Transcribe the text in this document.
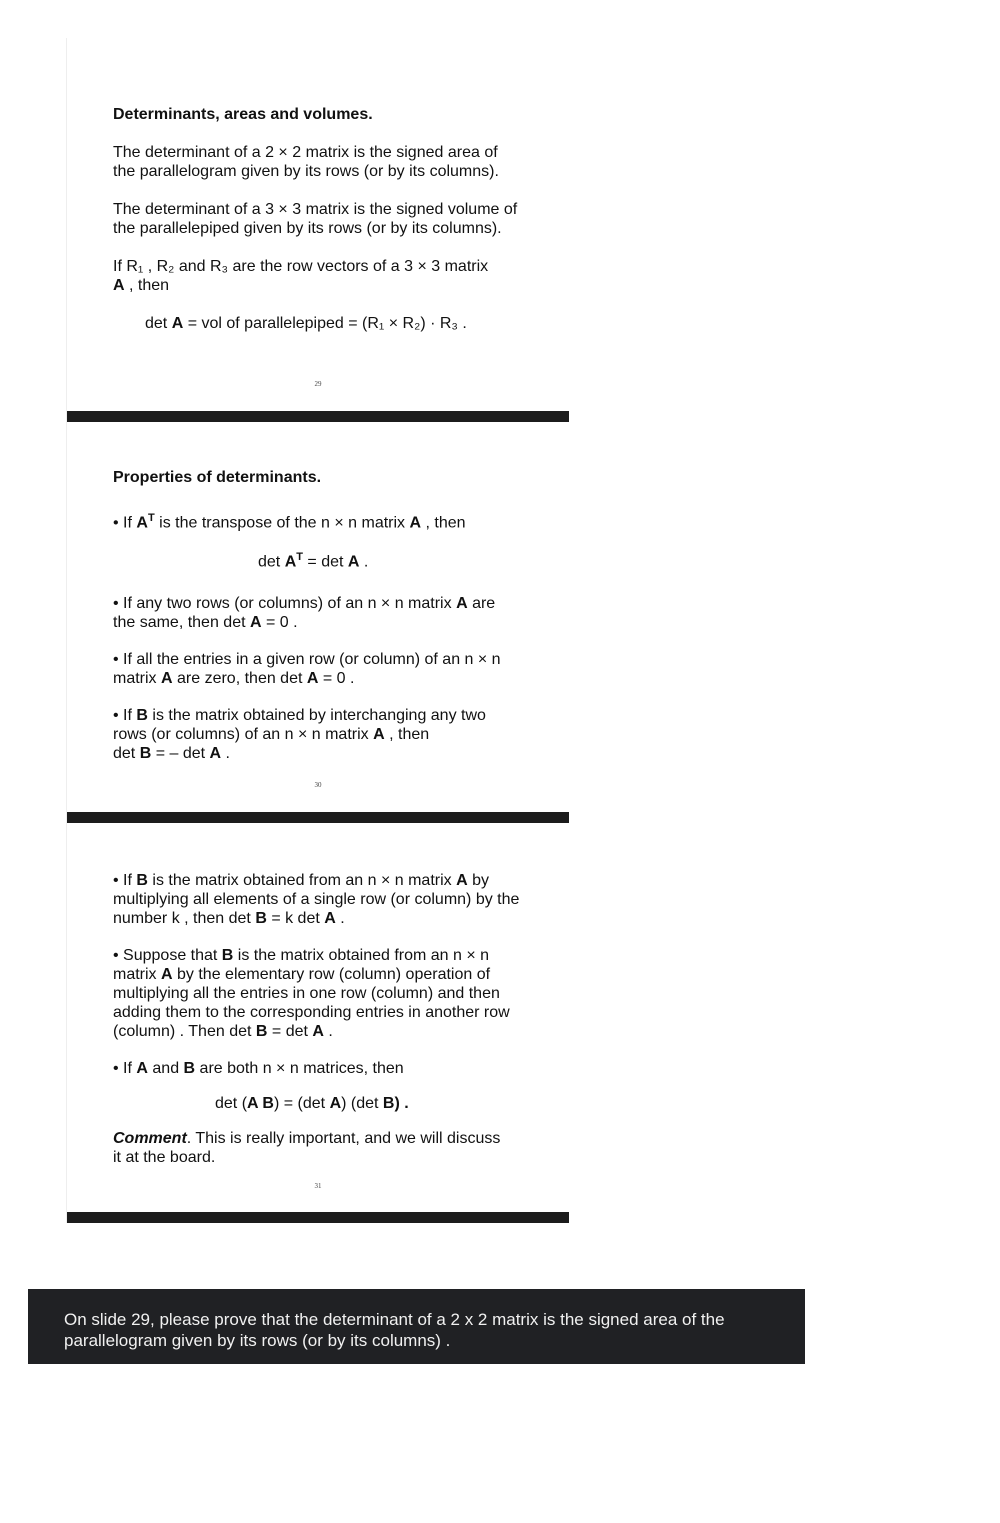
Determinants, areas and volumes.
The determinant of a 2 × 2 matrix is the signed area of
the parallelogram given by its rows (or by its columns).
The determinant of a 3 × 3 matrix is the signed volume of
the parallelepiped given by its rows (or by its columns).
If R₁ , R₂ and R₃ are the row vectors of a 3 × 3 matrix
A , then
det A = vol of parallelepiped = (R₁ × R₂) · R₃ .
29
Properties of determinants.
• If $A^T$ is the transpose of the n × n matrix A , then
$\det A^T = \det A$ .
• If any two rows (or columns) of an n × n matrix A are
the same, then det A = 0 .
• If all the entries in a given row (or column) of an n × n
matrix A are zero, then det A = 0 .
• If B is the matrix obtained by interchanging any two
rows (or columns) of an n × n matrix A , then
det B = – det A .
30
• If B is the matrix obtained from an n × n matrix A by
multiplying all elements of a single row (or column) by the
number k , then det B = k det A .
• Suppose that B is the matrix obtained from an n × n
matrix A by the elementary row (column) operation of
multiplying all the entries in one row (column) and then
adding them to the corresponding entries in another row
(column) . Then det B = det A .
• If A and B are both n × n matrices, then
det (A B) = (det A) (det B) .
Comment. This is really important, and we will discuss
it at the board.
31
On slide 29, please prove that the determinant of a 2 x 2 matrix is the signed area of the
parallelogram given by its rows (or by its columns) .
